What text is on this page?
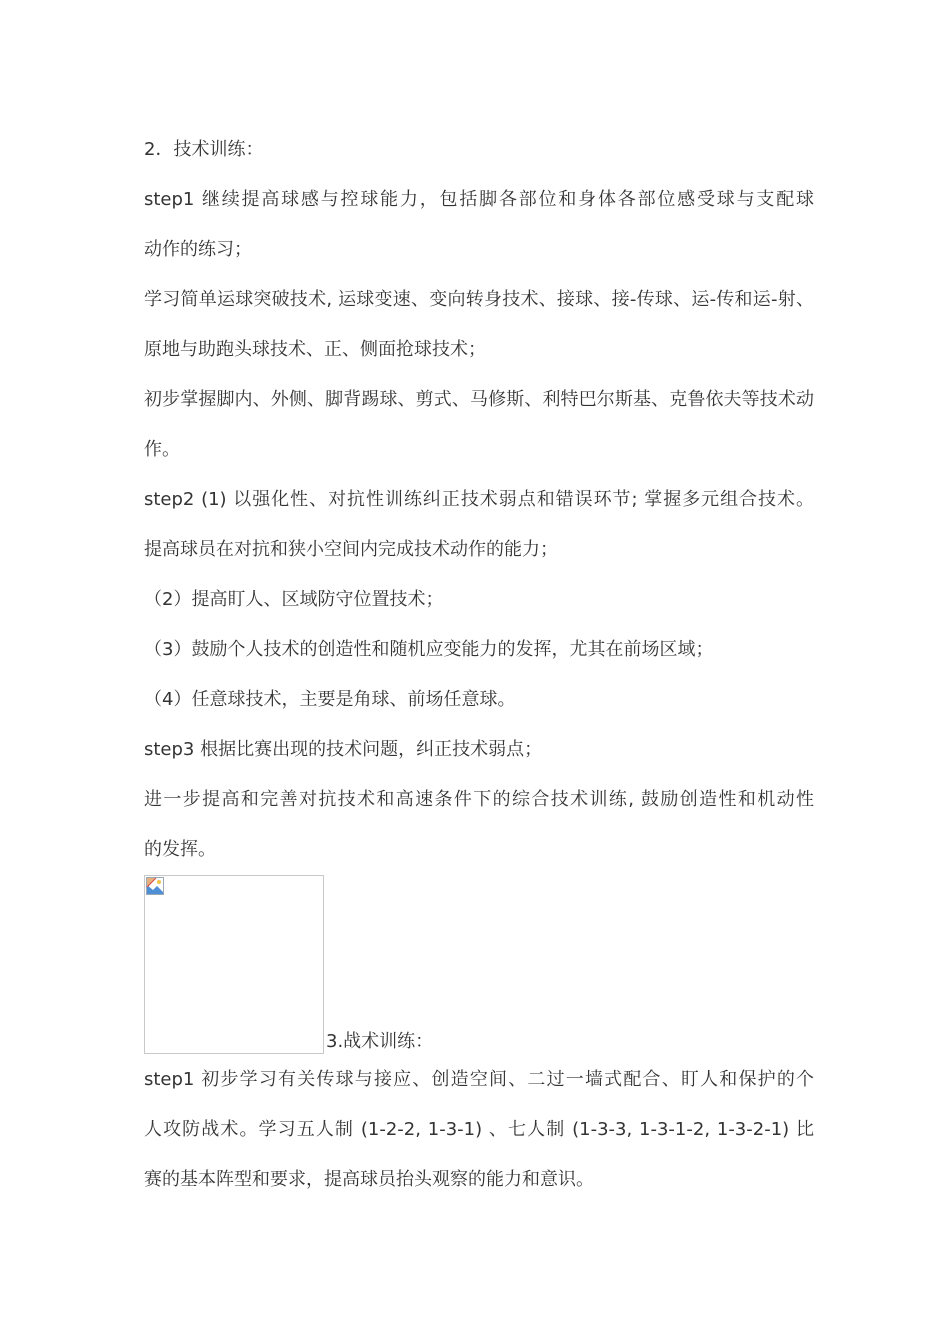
2．技术训练：

step1 继续提高球感与控球能力，包括脚各部位和身体各部位感受球与支配球

动作的练习；

学习简单运球突破技术, 运球变速、变向转身技术、接球、接-传球、运-传和运-射、

原地与助跑头球技术、正、侧面抢球技术；

初步掌握脚内、外侧、脚背踢球、剪式、马修斯、利特巴尔斯基、克鲁依夫等技术动

作。

step2 (1) 以强化性、对抗性训练纠正技术弱点和错误环节; 掌握多元组合技术。

提高球员在对抗和狭小空间内完成技术动作的能力；

（2）提高盯人、区域防守位置技术；

（3）鼓励个人技术的创造性和随机应变能力的发挥，尤其在前场区域；

（4）任意球技术，主要是角球、前场任意球。

step3 根据比赛出现的技术问题，纠正技术弱点；

进一步提高和完善对抗技术和高速条件下的综合技术训练, 鼓励创造性和机动性

的发挥。

3.战术训练：

step1 初步学习有关传球与接应、创造空间、二过一墙式配合、盯人和保护的个

人攻防战术。学习五人制 (1-2-2, 1-3-1) 、七人制 (1-3-3, 1-3-1-2, 1-3-2-1) 比

赛的基本阵型和要求，提高球员抬头观察的能力和意识。
